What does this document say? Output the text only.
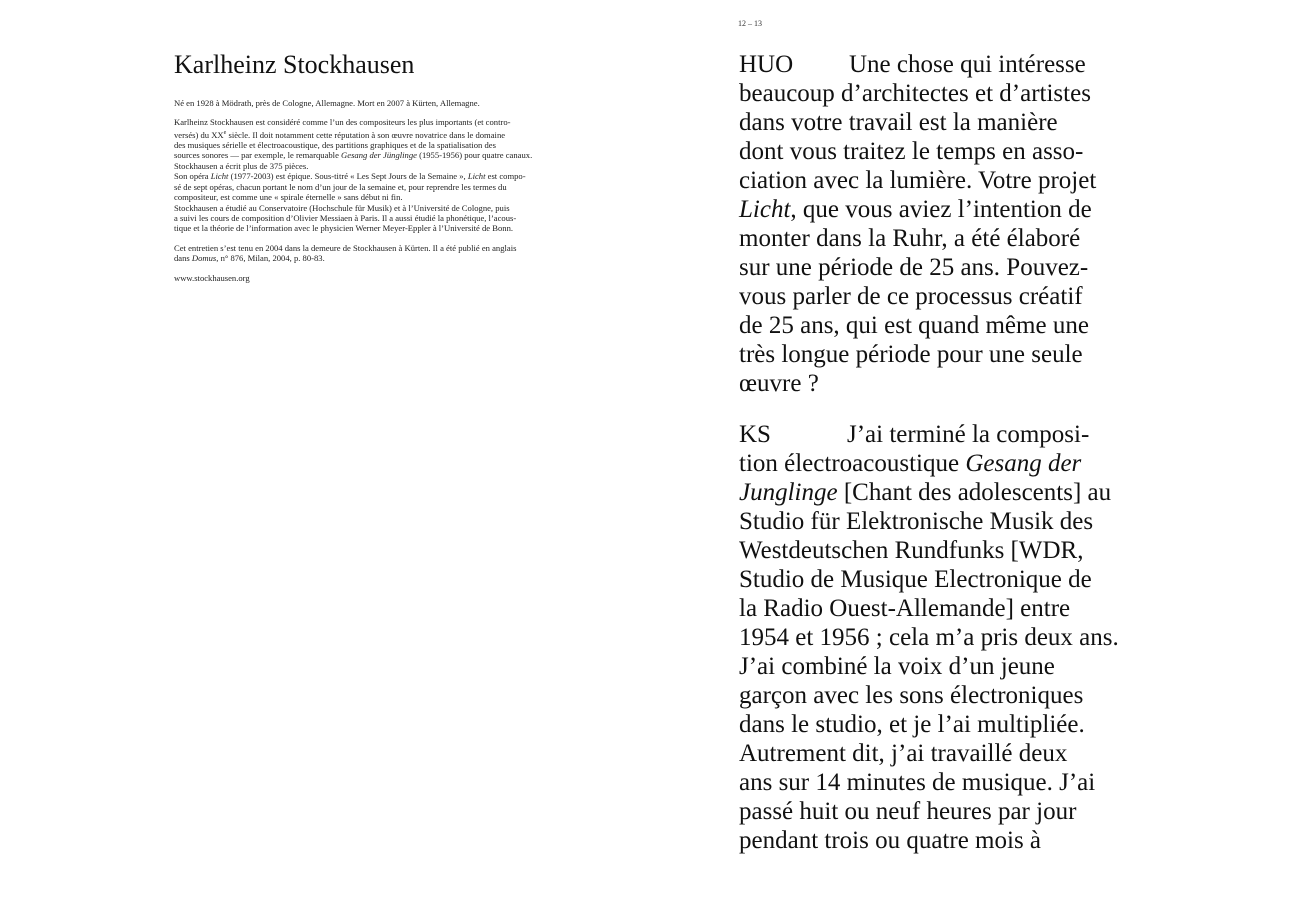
12 – 13
Karlheinz Stockhausen

Né en 1928 à Mödrath, près de Cologne, Allemagne. Mort en 2007 à Kürten, Allemagne.

Karlheinz Stockhausen est considéré comme l’un des compositeurs les plus importants (et contro-
versés) du XXe siècle. Il doit notamment cette réputation à son œuvre novatrice dans le domaine
des musiques sérielle et électroacoustique, des partitions graphiques et de la spatialisation des
sources sonores — par exemple, le remarquable Gesang der Jünglinge (1955-1956) pour quatre canaux.
Stockhausen a écrit plus de 375 pièces.
Son opéra Licht (1977-2003) est épique. Sous-titré « Les Sept Jours de la Semaine », Licht est compo-
sé de sept opéras, chacun portant le nom d’un jour de la semaine et, pour reprendre les termes du
compositeur, est comme une « spirale éternelle » sans début ni fin.
Stockhausen a étudié au Conservatoire (Hochschule für Musik) et à l’Université de Cologne, puis
a suivi les cours de composition d’Olivier Messiaen à Paris. Il a aussi étudié la phonétique, l’acous-
tique et la théorie de l’information avec le physicien Werner Meyer-Eppler à l’Université de Bonn.

Cet entretien s’est tenu en 2004 dans la demeure de Stockhausen à Kürten. Il a été publié en anglais
dans Domus, n° 876, Milan, 2004, p. 80-83.

www.stockhausen.org

HUO Une chose qui intéresse
beaucoup d’architectes et d’artistes
dans votre travail est la manière
dont vous traitez le temps en asso-
ciation avec la lumière. Votre projet
Licht, que vous aviez l’intention de
monter dans la Ruhr, a été élaboré
sur une période de 25 ans. Pouvez-
vous parler de ce processus créatif
de 25 ans, qui est quand même une
très longue période pour une seule
œuvre ?

KS	J’ai terminé la composi-
tion électroacoustique Gesang der
Junglinge [Chant des adolescents] au
Studio für Elektronische Musik des
Westdeutschen Rundfunks [WDR,
Studio de Musique Electronique de
la Radio Ouest-Allemande] entre
1954 et 1956 ; cela m’a pris deux ans.
J’ai combiné la voix d’un jeune
garçon avec les sons électroniques
dans le studio, et je l’ai multipliée.
Autrement dit, j’ai travaillé deux
ans sur 14 minutes de musique. J’ai
passé huit ou neuf heures par jour
pendant trois ou quatre mois à
